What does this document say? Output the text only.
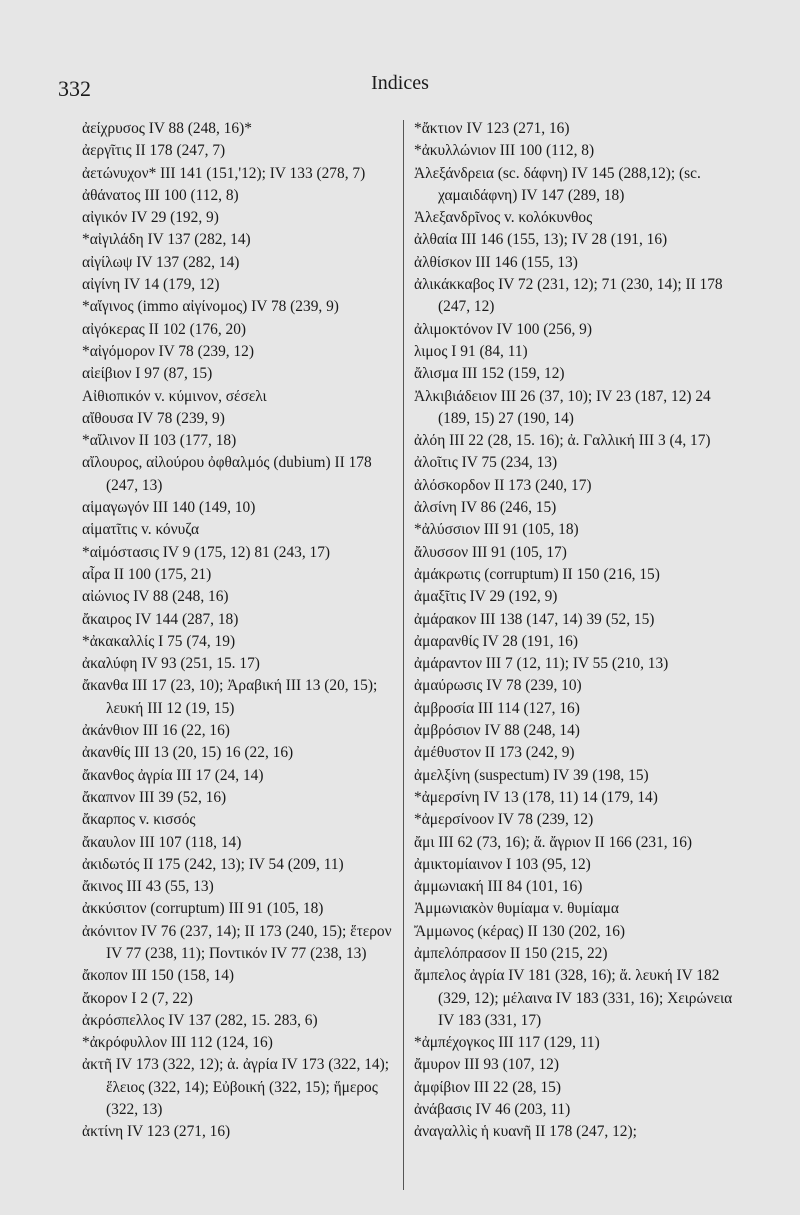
332	Indices

ἀείχρυσος IV 88 (248, 16)*

ἀεργῖτις II 178 (247, 7)

ἀετώνυχον* III 141 (151,'12); IV 133 (278, 7)

ἀθάνατος III 100 (112, 8)

αἰγικόν IV 29 (192, 9)

*αἰγιλάδη IV 137 (282, 14)

αἰγίλωψ IV 137 (282, 14)

αἰγίνη IV 14 (179, 12)

*αἴγινος (immo αἰγίνομος) IV 78 (239, 9)

αἰγόκερας II 102 (176, 20)

*αἰγόμορον IV 78 (239, 12)

αἰείβιον I 97 (87, 15)

Αἰθιοπικόν v. κύμινον, σέσελι

αἴθουσα IV 78 (239, 9)

*αἴλινον II 103 (177, 18)

αἴλουρος, αἰλούρου ὀφθαλμός (dubium) II 178 (247, 13)

αἱμαγωγόν III 140 (149, 10)

αἱματῖτις v. κόνυζα

*αἱμόστασις IV 9 (175, 12) 81 (243, 17)

αἶρα II 100 (175, 21)

αἰώνιος IV 88 (248, 16)

ἄκαιρος IV 144 (287, 18)

*ἀκακαλλίς I 75 (74, 19)

ἀκαλύφη IV 93 (251, 15. 17)

ἄκανθα III 17 (23, 10); Ἀραβική III 13 (20, 15); λευκή III 12 (19, 15)

ἀκάνθιον III 16 (22, 16)

ἀκανθίς III 13 (20, 15) 16 (22, 16)

ἄκανθος ἀγρία III 17 (24, 14)

ἄκαπνον III 39 (52, 16)

ἄκαρπος v. κισσός

ἄκαυλον III 107 (118, 14)

ἀκιδωτός II 175 (242, 13); IV 54 (209, 11)

ἄκινος III 43 (55, 13)

ἀκκύσιτον (corruptum) III 91 (105, 18)

ἀκόνιτον IV 76 (237, 14); II 173 (240, 15); ἕτερον IV 77 (238, 11); Ποντικόν IV 77 (238, 13)

ἄκοπον III 150 (158, 14)

ἄκορον I 2 (7, 22)

ἀκρόσπελλος IV 137 (282, 15. 283, 6)

*ἀκρόφυλλον III 112 (124, 16)

ἀκτῆ IV 173 (322, 12); ἀ. ἀγρία IV 173 (322, 14); ἕλειος (322, 14); Εὐβοική (322, 15); ἥμερος (322, 13)

ἀκτίνη IV 123 (271, 16)

*ἄκτιον IV 123 (271, 16)

*ἀκυλλώνιον III 100 (112, 8)

Ἀλεξάνδρεια (sc. δάφνη) IV 145 (288,12); (sc. χαμαιδάφνη) IV 147 (289, 18)

Ἀλεξανδρῖνος v. κολόκυνθος

ἀλθαία III 146 (155, 13); IV 28 (191, 16)

ἀλθίσκον III 146 (155, 13)

ἀλικάκκαβος IV 72 (231, 12); 71 (230, 14); II 178 (247, 12)

ἀλιμοκτόνον IV 100 (256, 9)

λιμος I 91 (84, 11)

ἄλισμα III 152 (159, 12)

Ἀλκιβιάδειον III 26 (37, 10); IV 23 (187, 12) 24 (189, 15) 27 (190, 14)

ἀλόη III 22 (28, 15. 16); ἀ. Γαλλική III 3 (4, 17)

ἀλοῖτις IV 75 (234, 13)

ἀλόσκορδον II 173 (240, 17)

ἀλσίνη IV 86 (246, 15)

*ἀλύσσιον III 91 (105, 18)

ἄλυσσον III 91 (105, 17)

ἀμάκρωτις (corruptum) II 150 (216, 15)

ἀμαξῖτις IV 29 (192, 9)

ἀμάρακον III 138 (147, 14) 39 (52, 15)

ἀμαρανθίς IV 28 (191, 16)

ἀμάραντον III 7 (12, 11); IV 55 (210, 13)

ἀμαύρωσις IV 78 (239, 10)

ἀμβροσία III 114 (127, 16)

ἀμβρόσιον IV 88 (248, 14)

ἀμέθυστον II 173 (242, 9)

ἀμελξίνη (suspectum) IV 39 (198, 15)

*ἀμερσίνη IV 13 (178, 11) 14 (179, 14)

*ἀμερσίνοον IV 78 (239, 12)

ἄμι III 62 (73, 16); ἄ. ἄγριον II 166 (231, 16)

ἀμικτομίαινον I 103 (95, 12)

ἀμμωνιακή III 84 (101, 16)

Ἀμμωνιακὸν θυμίαμα v. θυμίαμα

Ἄμμωνος (κέρας) II 130 (202, 16)

ἀμπελόπρασον II 150 (215, 22)

ἄμπελος ἀγρία IV 181 (328, 16); ἄ. λευκή IV 182 (329, 12); μέλαινα IV 183 (331, 16); Χειρώνεια IV 183 (331, 17)

*ἀμπέχογκος III 117 (129, 11)

ἄμυρον III 93 (107, 12)

ἀμφίβιον III 22 (28, 15)

ἀνάβασις IV 46 (203, 11)

ἀναγαλλὶς ἡ κυανῆ II 178 (247, 12);
